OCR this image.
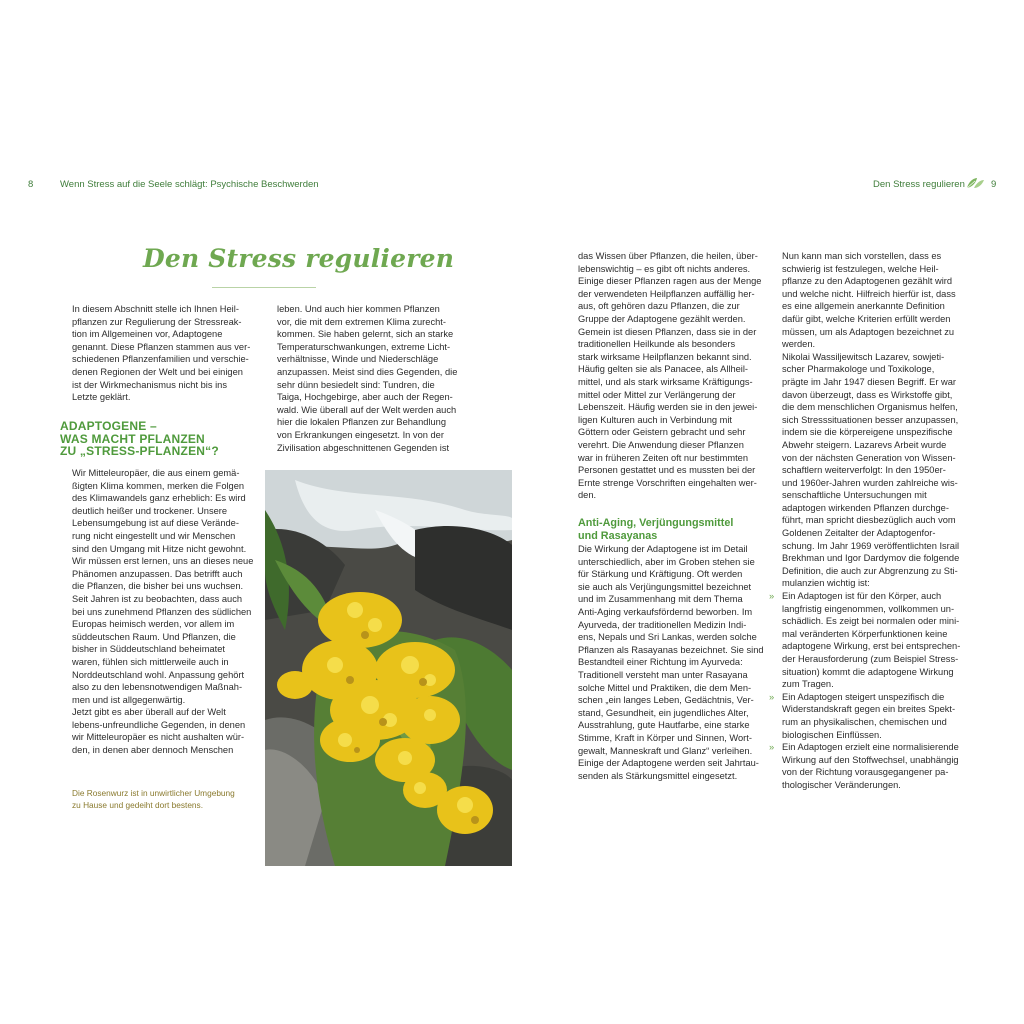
8	Wenn Stress auf die Seele schlägt: Psychische Beschwerden	Den Stress regulieren	9
Den Stress regulieren

In diesem Abschnitt stelle ich Ihnen Heil-
pflanzen zur Regulierung der Stressreak-
tion im Allgemeinen vor, Adaptogene
genannt. Diese Pflanzen stammen aus ver-
schiedenen Pflanzenfamilien und verschie-
denen Regionen der Welt und bei einigen
ist der Wirkmechanismus nicht bis ins
Letzte geklärt.

ADAPTOGENE –
WAS MACHT PFLANZEN
ZU „STRESS-PFLANZEN“?

Wir Mitteleuropäer, die aus einem gemä-
ßigten Klima kommen, merken die Folgen
des Klimawandels ganz erheblich: Es wird
deutlich heißer und trockener. Unsere
Lebensumgebung ist auf diese Verände-
rung nicht eingestellt und wir Menschen
sind den Umgang mit Hitze nicht gewohnt.
Wir müssen erst lernen, uns an dieses neue
Phänomen anzupassen. Das betrifft auch
die Pflanzen, die bisher bei uns wuchsen.
Seit Jahren ist zu beobachten, dass auch
bei uns zunehmend Pflanzen des südlichen
Europas heimisch werden, vor allem im
süddeutschen Raum. Und Pflanzen, die
bisher in Süddeutschland beheimatet
waren, fühlen sich mittlerweile auch in
Norddeutschland wohl. Anpassung gehört
also zu den lebensnotwendigen Maßnah-
men und ist allgegenwärtig.

Jetzt gibt es aber überall auf der Welt
lebens-unfreundliche Gegenden, in denen
wir Mitteleuropäer es nicht aushalten wür-
den, in denen aber dennoch Menschen

Die Rosenwurz ist in unwirtlicher Umgebung
zu Hause und gedeiht dort bestens.

leben. Und auch hier kommen Pflanzen
vor, die mit dem extremen Klima zurecht-
kommen. Sie haben gelernt, sich an starke
Temperaturschwankungen, extreme Licht-
verhältnisse, Winde und Niederschläge
anzupassen. Meist sind dies Gegenden, die
sehr dünn besiedelt sind: Tundren, die
Taiga, Hochgebirge, aber auch der Regen-
wald. Wie überall auf der Welt werden auch
hier die lokalen Pflanzen zur Behandlung
von Erkrankungen eingesetzt. In von der
Zivilisation abgeschnittenen Gegenden ist

das Wissen über Pflanzen, die heilen, über-
lebenswichtig – es gibt oft nichts anderes.
Einige dieser Pflanzen ragen aus der Menge
der verwendeten Heilpflanzen auffällig her-
aus, oft gehören dazu Pflanzen, die zur
Gruppe der Adaptogene gezählt werden.
Gemein ist diesen Pflanzen, dass sie in der
traditionellen Heilkunde als besonders
stark wirksame Heilpflanzen bekannt sind.
Häufig gelten sie als Panacee, als Allheil-
mittel, und als stark wirksame Kräftigungs-
mittel oder Mittel zur Verlängerung der
Lebenszeit. Häufig werden sie in den jewei-
ligen Kulturen auch in Verbindung mit
Göttern oder Geistern gebracht und sehr
verehrt. Die Anwendung dieser Pflanzen
war in früheren Zeiten oft nur bestimmten
Personen gestattet und es mussten bei der
Ernte strenge Vorschriften eingehalten wer-
den.

Anti-Aging, Verjüngungsmittel
und Rasayanas

Die Wirkung der Adaptogene ist im Detail
unterschiedlich, aber im Groben stehen sie
für Stärkung und Kräftigung. Oft werden
sie auch als Verjüngungsmittel bezeichnet
und im Zusammenhang mit dem Thema
Anti-Aging verkaufsfördernd beworben. Im
Ayurveda, der traditionellen Medizin Indi-
ens, Nepals und Sri Lankas, werden solche
Pflanzen als Rasayanas bezeichnet. Sie sind
Bestandteil einer Richtung im Ayurveda:
Traditionell versteht man unter Rasayana
solche Mittel und Praktiken, die dem Men-
schen „ein langes Leben, Gedächtnis, Ver-
stand, Gesundheit, ein jugendliches Alter,
Ausstrahlung, gute Hautfarbe, eine starke
Stimme, Kraft in Körper und Sinnen, Wort-
gewalt, Manneskraft und Glanz“ verleihen.
Einige der Adaptogene werden seit Jahrtau-
senden als Stärkungsmittel eingesetzt.

Nun kann man sich vorstellen, dass es
schwierig ist festzulegen, welche Heil-
pflanze zu den Adaptogenen gezählt wird
und welche nicht. Hilfreich hierfür ist, dass
es eine allgemein anerkannte Definition
dafür gibt, welche Kriterien erfüllt werden
müssen, um als Adaptogen bezeichnet zu
werden.

Nikolai Wassiljewitsch Lazarev, sowjeti-
scher Pharmakologe und Toxikologe,
prägte im Jahr 1947 diesen Begriff. Er war
davon überzeugt, dass es Wirkstoffe gibt,
die dem menschlichen Organismus helfen,
sich Stresssituationen besser anzupassen,
indem sie die körpereigene unspezifische
Abwehr steigern. Lazarevs Arbeit wurde
von der nächsten Generation von Wissen-
schaftlern weiterverfolgt: In den 1950er-
und 1960er-Jahren wurden zahlreiche wis-
senschaftliche Untersuchungen mit
adaptogen wirkenden Pflanzen durchge-
führt, man spricht diesbezüglich auch vom
Goldenen Zeitalter der Adaptogenfor-
schung. Im Jahr 1969 veröffentlichten Israil
Brekhman und Igor Dardymov die folgende
Definition, die auch zur Abgrenzung zu Sti-
mulanzien wichtig ist:

» Ein Adaptogen ist für den Körper, auch
langfristig eingenommen, vollkommen un-
schädlich. Es zeigt bei normalen oder mini-
mal veränderten Körperfunktionen keine
adaptogene Wirkung, erst bei entsprechen-
der Herausforderung (zum Beispiel Stress-
situation) kommt die adaptogene Wirkung
zum Tragen.
» Ein Adaptogen steigert unspezifisch die
Widerstandskraft gegen ein breites Spekt-
rum an physikalischen, chemischen und
biologischen Einflüssen.
» Ein Adaptogen erzielt eine normalisierende
Wirkung auf den Stoffwechsel, unabhängig
von der Richtung vorausgegangener pa-
thologischer Veränderungen.
